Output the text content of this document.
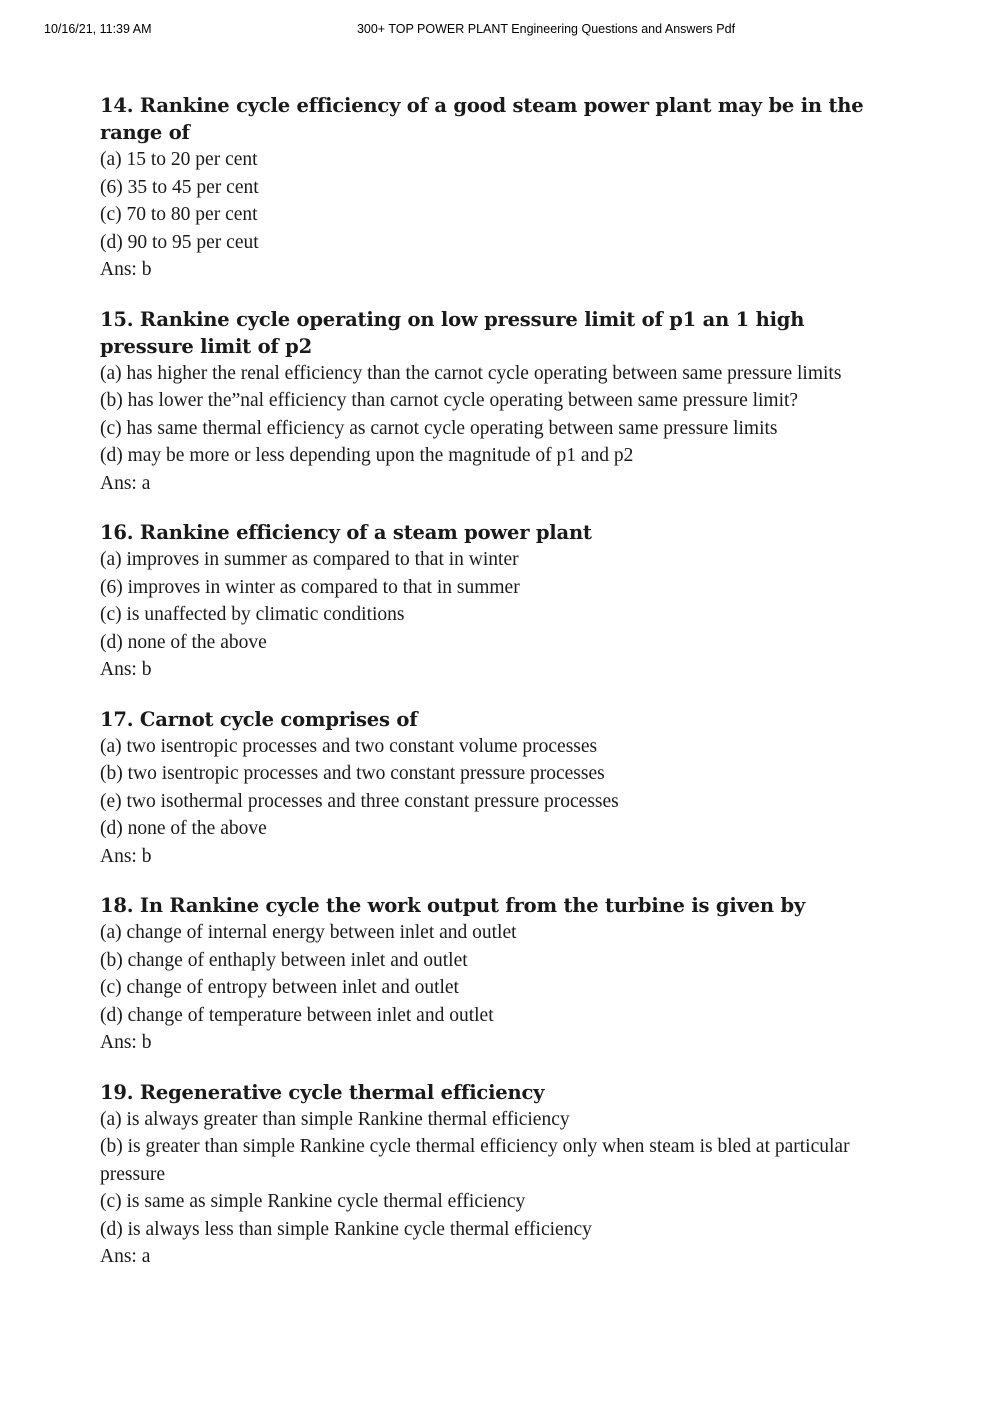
10/16/21, 11:39 AM	300+ TOP POWER PLANT Engineering Questions and Answers Pdf

14. Rankine cycle efficiency of a good steam power plant may be in the range of

(a) 15 to 20 per cent

(6) 35 to 45 per cent

(c) 70 to 80 per cent

(d) 90 to 95 per ceut

Ans: b

15. Rankine cycle operating on low pressure limit of p1 an 1 high pressure limit of p2

(a) has higher the renal efficiency than the carnot cycle operating between same pressure limits

(b) has lower the”nal efficiency than carnot cycle operating between same pressure limit?

(c) has same thermal efficiency as carnot cycle operating between same pressure limits

(d) may be more or less depending upon the magnitude of p1 and p2

Ans: a

16. Rankine efficiency of a steam power plant

(a) improves in summer as compared to that in winter

(6) improves in winter as compared to that in summer

(c) is unaffected by climatic conditions

(d) none of the above

Ans: b

17. Carnot cycle comprises of

(a) two isentropic processes and two constant volume processes

(b) two isentropic processes and two constant pressure processes

(e) two isothermal processes and three constant pressure processes

(d) none of the above

Ans: b

18. In Rankine cycle the work output from the turbine is given by

(a) change of internal energy between inlet and outlet

(b) change of enthaply between inlet and outlet

(c) change of entropy between inlet and outlet

(d) change of temperature between inlet and outlet

Ans: b

19. Regenerative cycle thermal efficiency

(a) is always greater than simple Rankine thermal efficiency

(b) is greater than simple Rankine cycle thermal efficiency only when steam is bled at particular pressure

(c) is same as simple Rankine cycle thermal efficiency

(d) is always less than simple Rankine cycle thermal efficiency

Ans: a
